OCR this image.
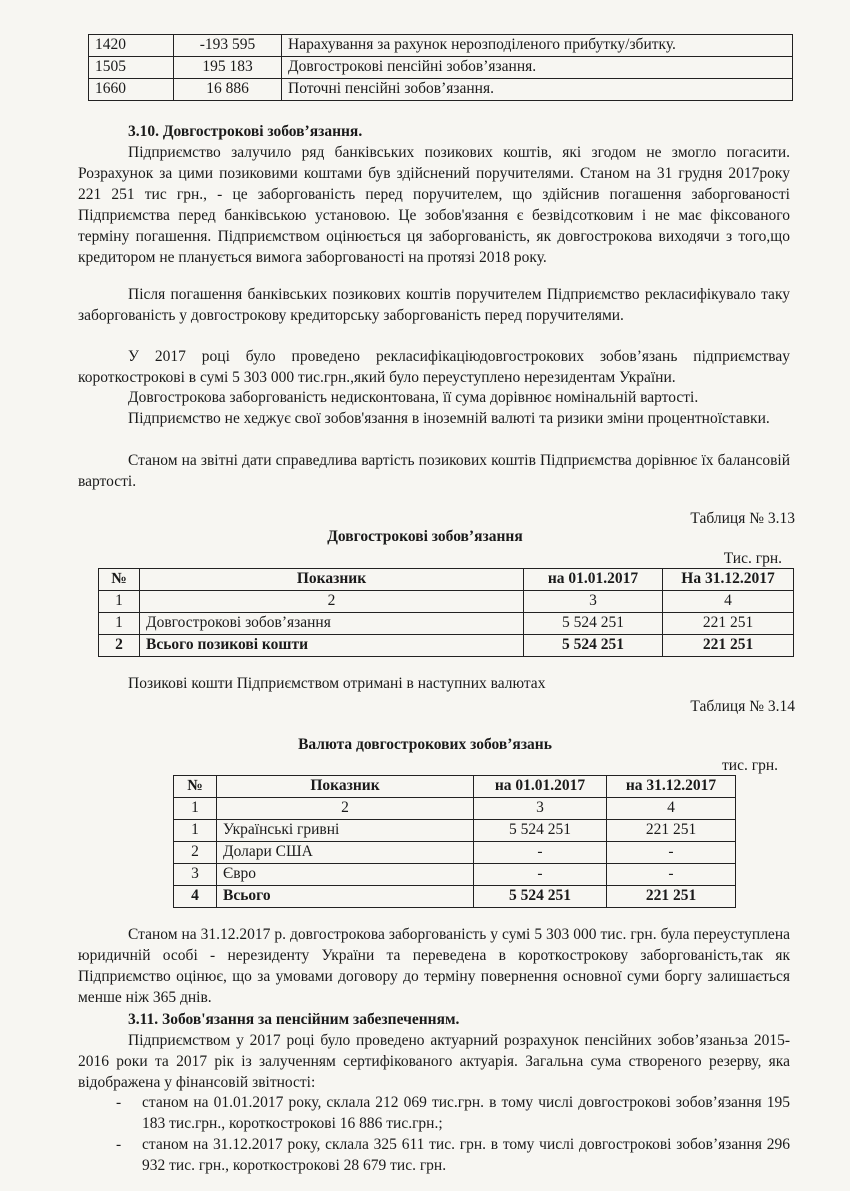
1420	-193 595	Нарахування за рахунок нерозподіленого прибутку/збитку.
1505	195 183	Довгострокові пенсійні зобов’язання.
1660	16 886	Поточні пенсійні зобов’язання.
3.10. Довгострокові зобов’язання.

Підприємство залучило ряд банківських позикових коштів, які згодом не змогло погасити. Розрахунок за цими позиковими коштами був здійснений поручителями. Станом на 31 грудня 2017року 221 251 тис грн., - це заборгованість перед поручителем, що здійснив погашення заборгованості Підприємства перед банківською установою. Це зобов'язання є безвідсотковим і не має фіксованого терміну погашення. Підприємством оцінюється ця заборгованість, як довгострокова виходячи з того,що кредитором не планується вимога заборгованості на протязі 2018 року.

Після погашення банківських позикових коштів поручителем Підприємство рекласифікувало таку заборгованість у довгострокову кредиторську заборгованість перед поручителями.

У 2017 році було проведено рекласифікаціюдовгострокових зобов’язань підприємстваy короткострокові в сумі 5 303 000 тис.грн.,який було переуступлено нерезидентам України.

Довгострокова заборгованість недисконтована, її сума дорівнює номінальній вартості.

Підприємство не хеджує свої зобов'язання в іноземній валюті та ризики зміни процентноїставки.

Станом на звітні дати справедлива вартість позикових коштів Підприємства дорівнює їх балансовій вартості.

Таблиця № 3.13
Довгострокові зобов’язання
Тис. грн.
№	Показник	на 01.01.2017	На 31.12.2017
1	2	3	4
1	Довгострокові зобов’язання	5 524 251	221 251
2	Всього позикові кошти	5 524 251	221 251
Позикові кошти Підприємством отримані в наступних валютах
Таблиця № 3.14
Валюта довгострокових зобов’язань
тис. грн.
№	Показник	на 01.01.2017	на 31.12.2017
1	2	3	4
1	Українські гривні	5 524 251	221 251
2	Долари США	-	-
3	Євро	-	-
4	Всього	5 524 251	221 251

Станом на 31.12.2017 р. довгострокова заборгованість у сумі 5 303 000 тис. грн. була переуступлена юридичній особі - нерезиденту України та переведена в короткострокову заборгованість,так як Підприємство оцінює, що за умовами договору до терміну повернення основної суми боргу залишається менше ніж 365 днів.

3.11. Зобов'язання за пенсійним забезпеченням.

Підприємством у 2017 році було проведено актуарний розрахунок пенсійних зобов’язаньза 2015-2016 роки та 2017 рік із залученням сертифікованого актуарія. Загальна сума створеного резерву, яка відображена у фінансовій звітності:

- станом на 01.01.2017 року, склала 212 069 тис.грн. в тому числі довгострокові зобов’язання 195 183 тис.грн., короткострокові 16 886 тис.грн.;
- станом на 31.12.2017 року, склала 325 611 тис. грн. в тому числі довгострокові зобов’язання 296 932 тис. грн., короткострокові 28 679 тис. грн.
